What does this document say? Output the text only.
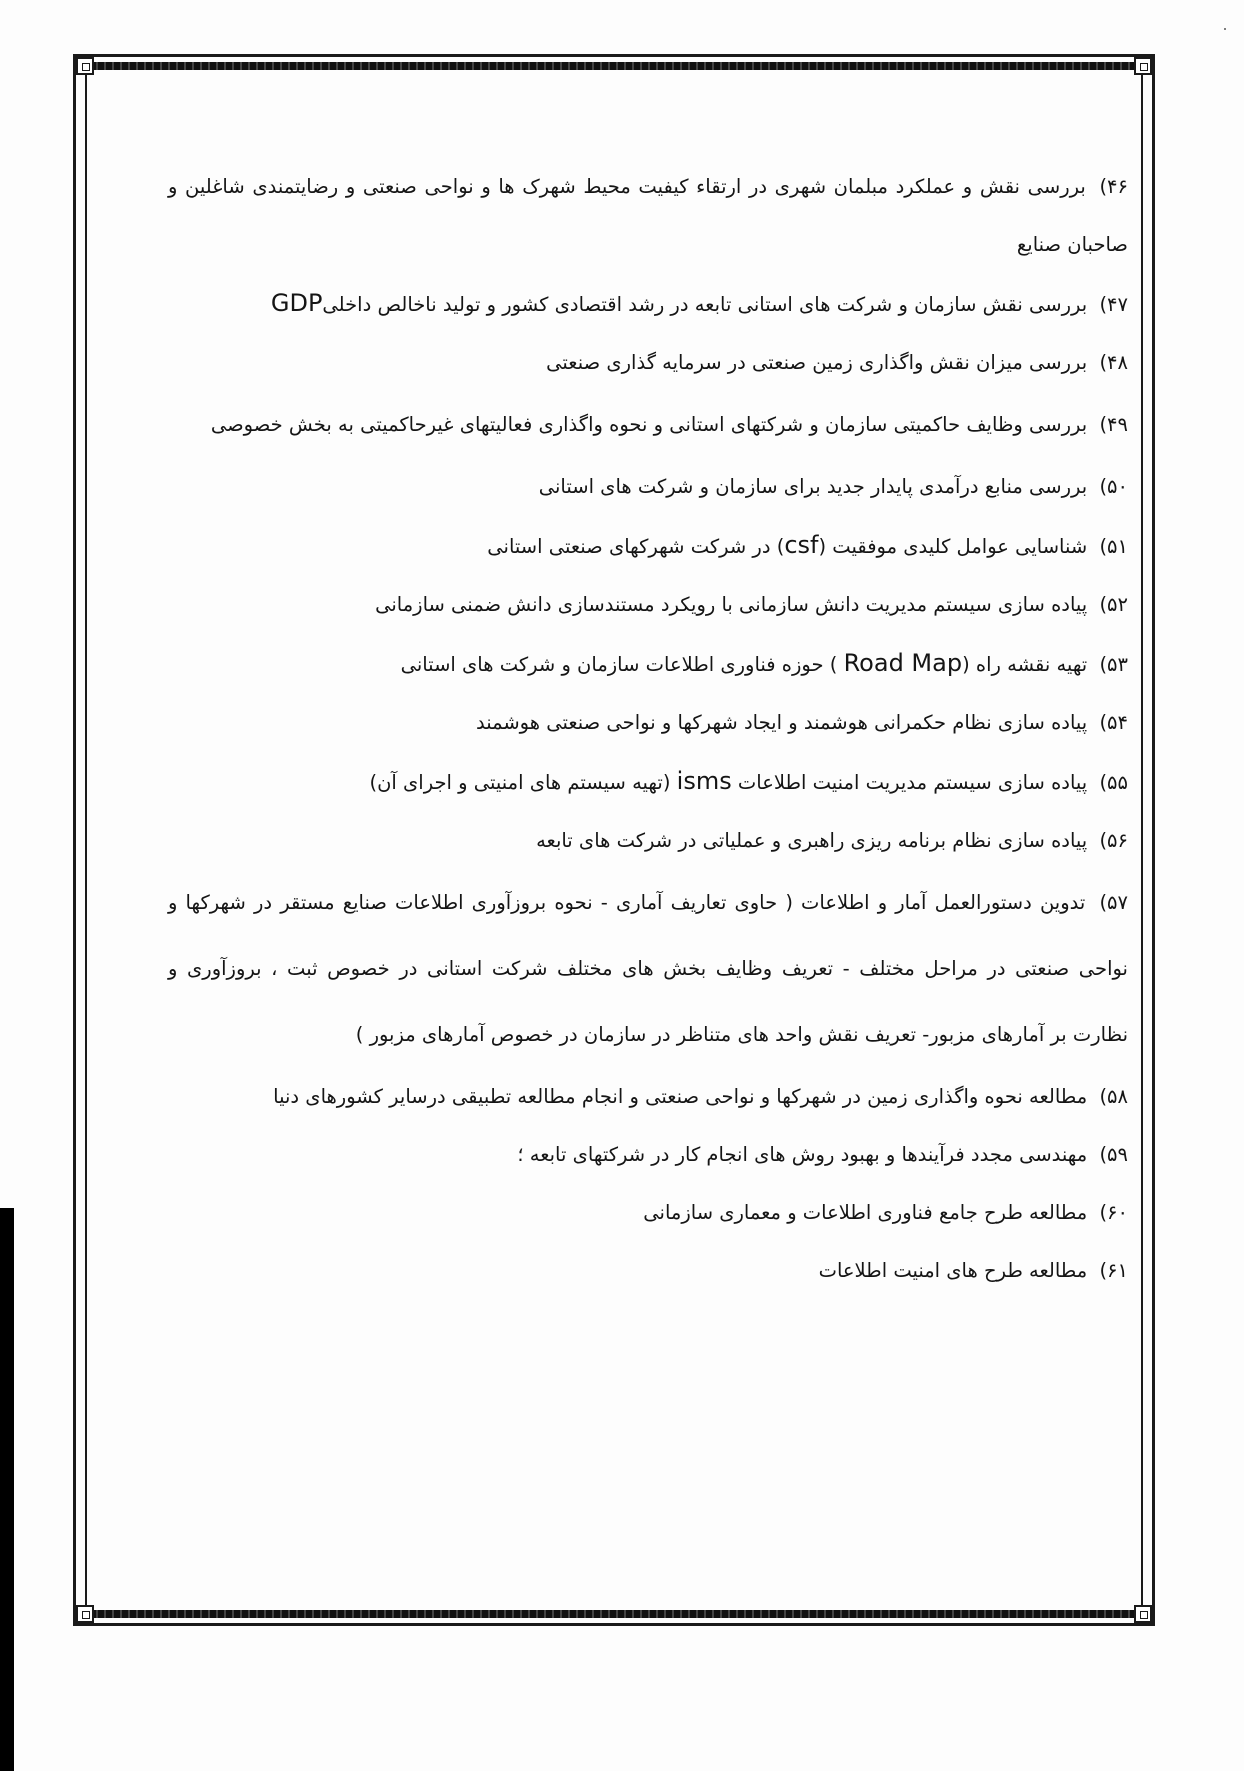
۴۶) بررسی نقش و عملکرد مبلمان شهری در ارتقاء کیفیت محیط شهرک ها و نواحی صنعتی و رضایتمندی شاغلین و صاحبان صنایع

۴۷) بررسی نقش سازمان و شرکت های استانی تابعه در رشد اقتصادی کشور و تولید ناخالص داخلیGDP

۴۸) بررسی میزان نقش واگذاری زمین صنعتی در سرمایه گذاری صنعتی

۴۹) بررسی وظایف حاکمیتی سازمان و شرکتهای استانی و نحوه واگذاری فعالیتهای غیرحاکمیتی به بخش خصوصی

۵۰) بررسی منابع درآمدی پایدار جدید برای سازمان و شرکت های استانی

۵۱) شناسایی عوامل کلیدی موفقیت (csf) در شرکت شهرکهای صنعتی استانی

۵۲) پیاده سازی سیستم مدیریت دانش سازمانی با رویکرد مستندسازی دانش ضمنی سازمانی

۵۳) تهیه نقشه راه (Road Map ) حوزه فناوری اطلاعات سازمان و شرکت های استانی

۵۴) پیاده سازی نظام حکمرانی هوشمند و ایجاد شهرکها و نواحی صنعتی هوشمند

۵۵) پیاده سازی سیستم مدیریت امنیت اطلاعات isms (تهیه سیستم های امنیتی و اجرای آن)

۵۶) پیاده سازی نظام برنامه ریزی راهبری و عملیاتی در شرکت های تابعه

۵۷) تدوین دستورالعمل آمار و اطلاعات ( حاوی تعاریف آماری - نحوه بروزآوری اطلاعات صنایع مستقر در شهرکها و نواحی صنعتی در مراحل مختلف - تعریف وظایف بخش های مختلف شرکت استانی در خصوص ثبت ، بروزآوری و نظارت بر آمارهای مزبور- تعریف نقش واحد های متناظر در سازمان در خصوص آمارهای مزبور )

۵۸) مطالعه نحوه واگذاری زمین در شهرکها و نواحی صنعتی و انجام مطالعه تطبیقی درسایر کشورهای دنیا

۵۹) مهندسی مجدد فرآیندها و بهبود روش های انجام کار در شرکتهای تابعه ؛

۶۰) مطالعه طرح جامع فناوری اطلاعات و معماری سازمانی

۶۱) مطالعه طرح های امنیت اطلاعات
